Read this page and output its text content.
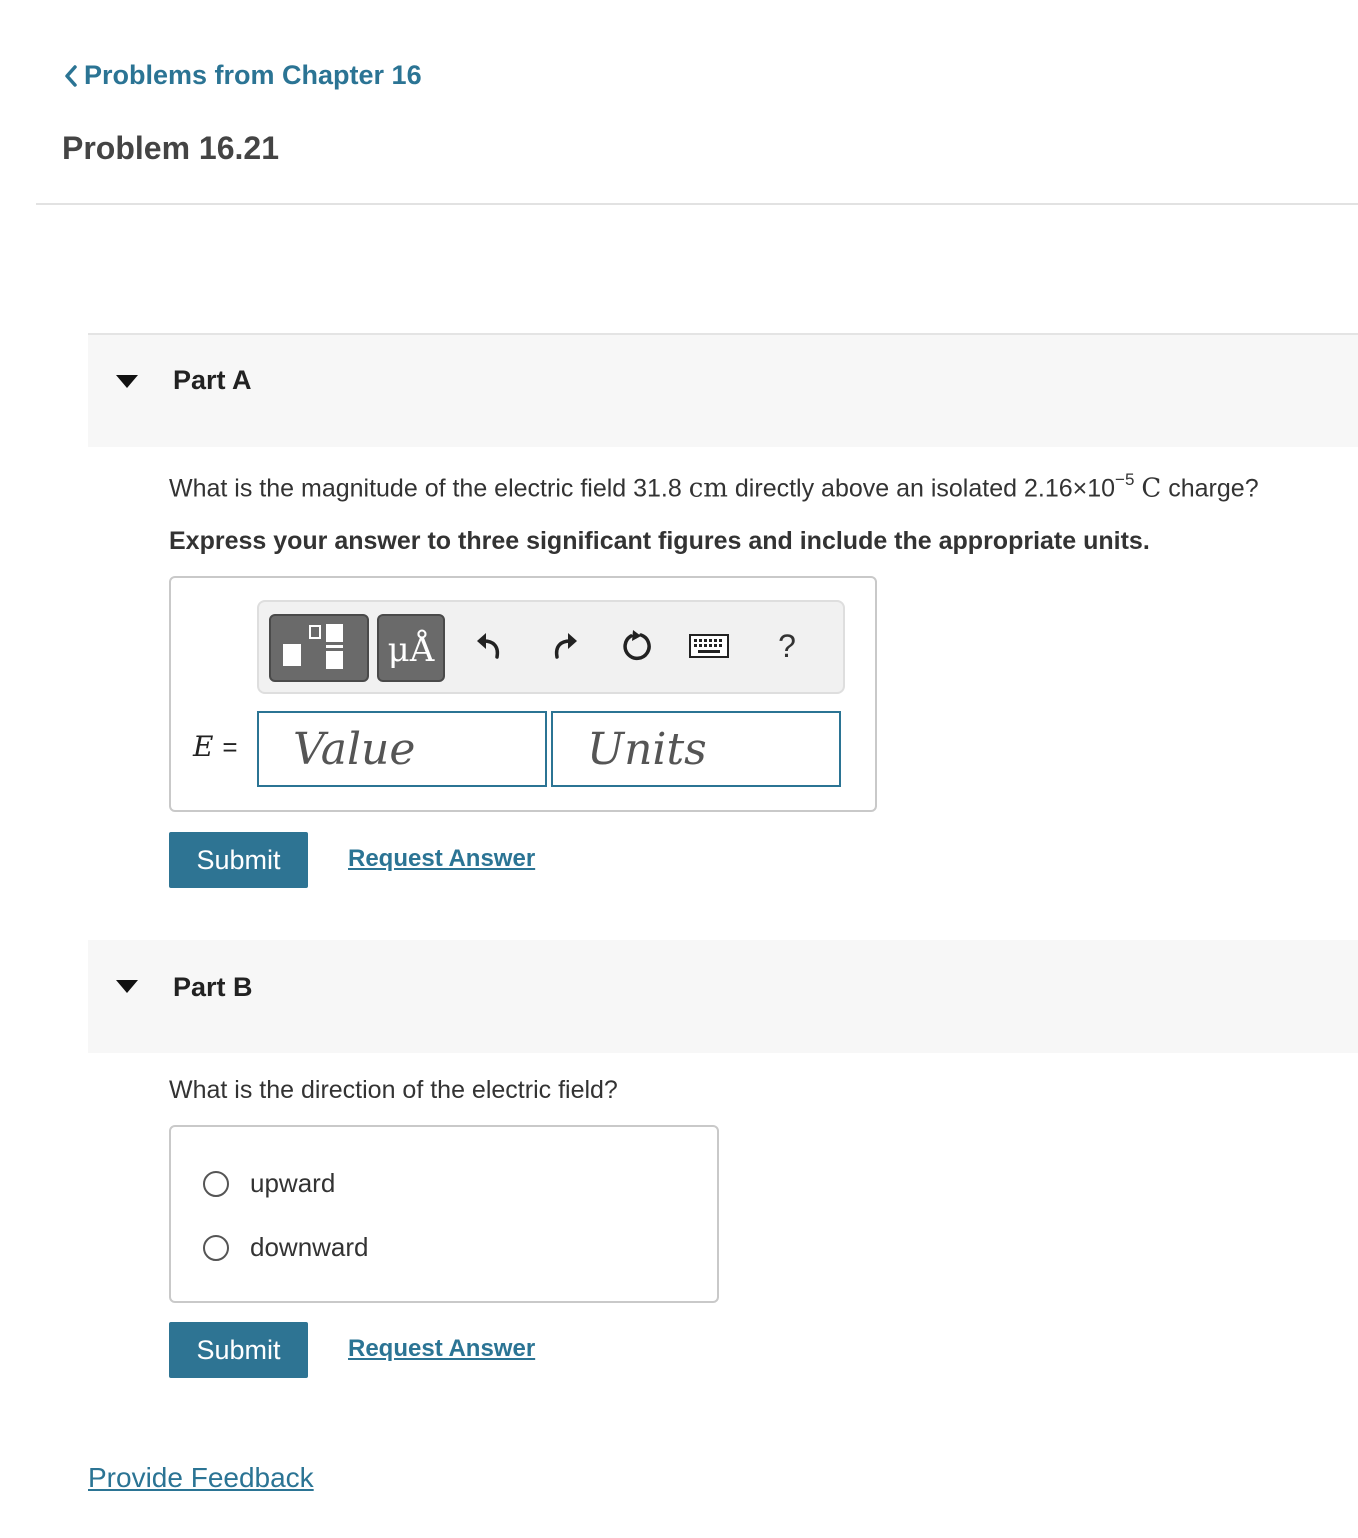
Problems from Chapter 16
Problem 16.21
Part A
What is the magnitude of the electric field 31.8 cm directly above an isolated $2.16\times 10^{-5}$ C charge?
Express your answer to three significant figures and include the appropriate units.
μÅ	?
E =
Value
Units
Submit	Request Answer
Part B
What is the direction of the electric field?
upward
downward
Submit	Request Answer
Provide Feedback
